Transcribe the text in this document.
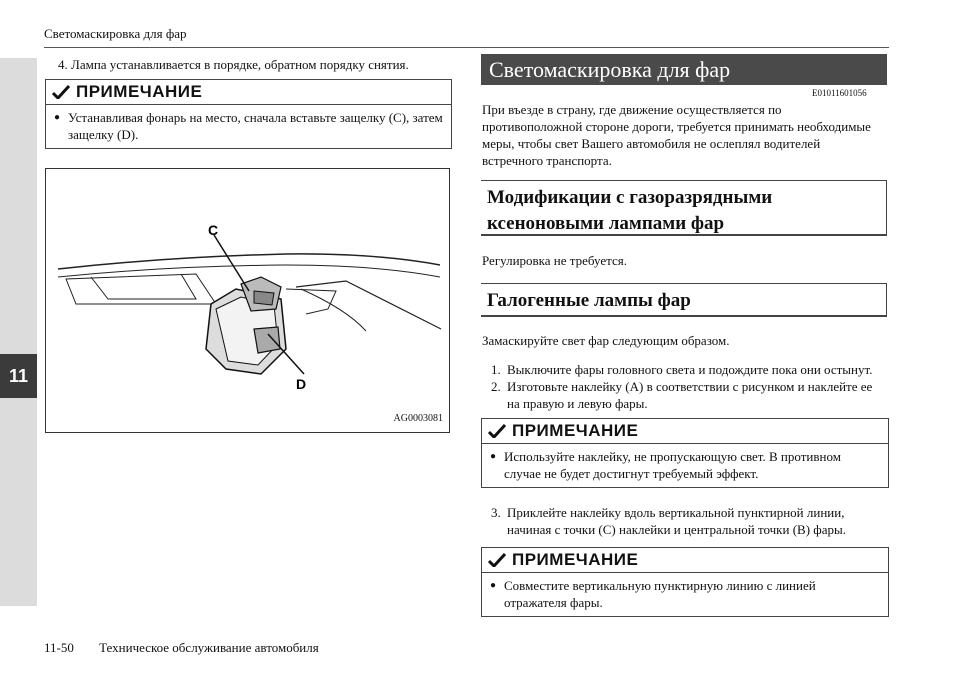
11
Светомаскировка для фар
4. Лампа устанавливается в порядке, обратном порядку снятия.
ПРИМЕЧАНИЕ
● Устанавливая фонарь на место, сначала вставьте защелку (C), затем защелку (D).
C
D
AG0003081
Светомаскировка для фар
E01011601056
При въезде в страну, где движение осуществляется по противоположной стороне дороги, требуется принимать необходимые меры, чтобы свет Вашего автомобиля не ослеплял водителей встречного транспорта.
Модификации с газоразрядными ксеноновыми лампами фар
Регулировка не требуется.
Галогенные лампы фар
Замаскируйте свет фар следующим образом.
1. Выключите фары головного света и подождите пока они остынут.
2. Изготовьте наклейку (A) в соответствии с рисунком и наклейте ее на правую и левую фары.
ПРИМЕЧАНИЕ
● Используйте наклейку, не пропускающую свет. В противном случае не будет достигнут требуемый эффект.
3. Приклейте наклейку вдоль вертикальной пунктирной линии, начиная с точки (C) наклейки и центральной точки (B) фары.
ПРИМЕЧАНИЕ
● Совместите вертикальную пунктирную линию с линией отражателя фары.
11-50 Техническое обслуживание автомобиля
